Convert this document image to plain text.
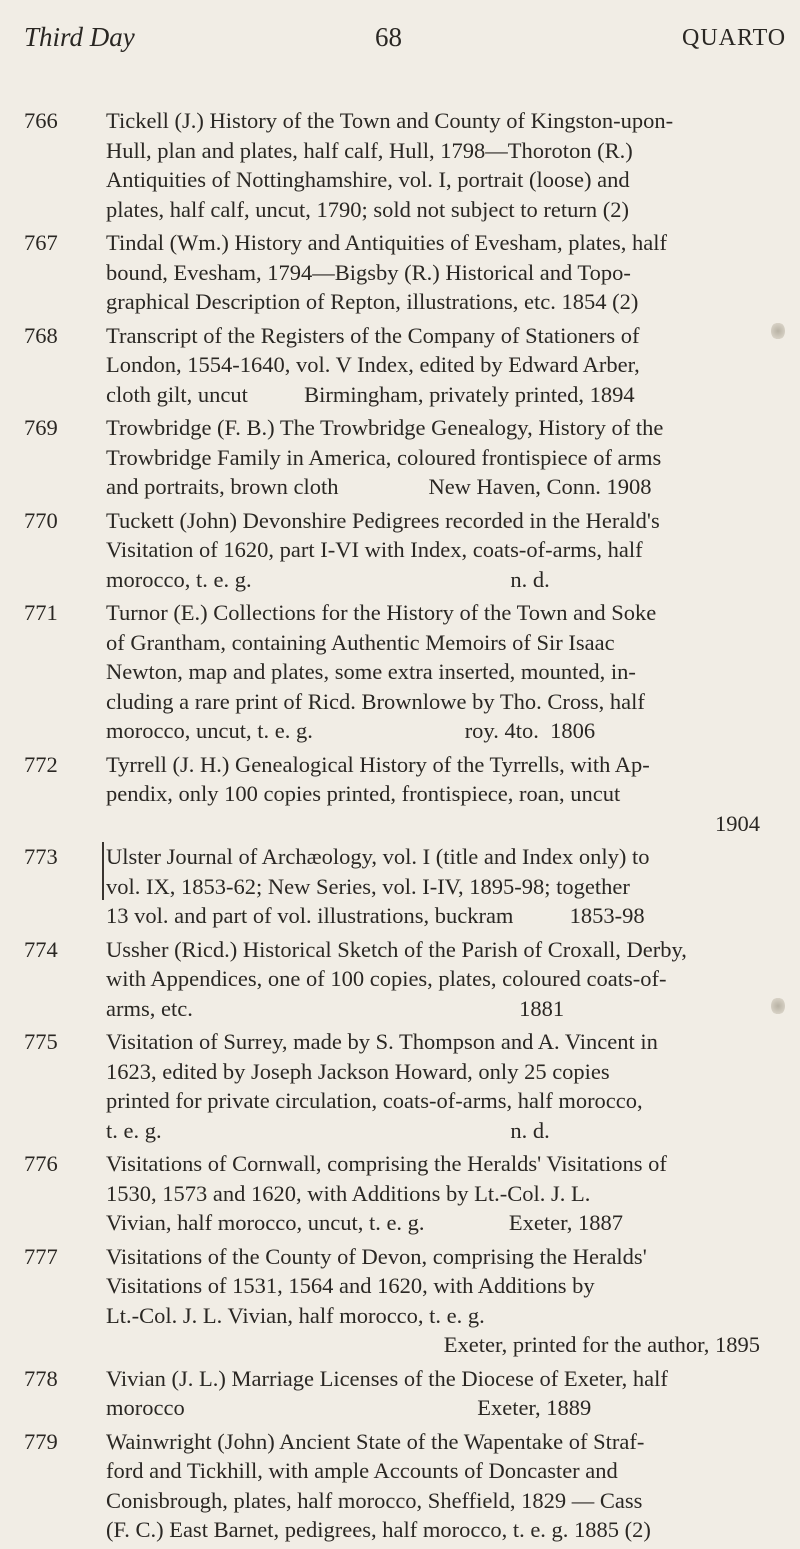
Third Day	68	QUARTO
766	Tickell (J.) History of the Town and County of Kingston-upon-
Hull, plan and plates, half calf, Hull, 1798—Thoroton (R.)
Antiquities of Nottinghamshire, vol. I, portrait (loose) and
plates, half calf, uncut, 1790; sold not subject to return (2)
767	Tindal (Wm.) History and Antiquities of Evesham, plates, half
bound, Evesham, 1794—Bigsby (R.) Historical and Topo-
graphical Description of Repton, illustrations, etc. 1854 (2)
768	Transcript of the Registers of the Company of Stationers of
London, 1554-1640, vol. V Index, edited by Edward Arber,
cloth gilt, uncut          Birmingham, privately printed, 1894
769	Trowbridge (F. B.) The Trowbridge Genealogy, History of the
Trowbridge Family in America, coloured frontispiece of arms
and portraits, brown cloth                New Haven, Conn. 1908
770	Tuckett (John) Devonshire Pedigrees recorded in the Herald's
Visitation of 1620, part I-VI with Index, coats-of-arms, half
morocco, t. e. g.                                              n. d.
771	Turnor (E.) Collections for the History of the Town and Soke
of Grantham, containing Authentic Memoirs of Sir Isaac
Newton, map and plates, some extra inserted, mounted, in-
cluding a rare print of Ricd. Brownlowe by Tho. Cross, half
morocco, uncut, t. e. g.                           roy. 4to.  1806
772	Tyrrell (J. H.) Genealogical History of the Tyrrells, with Ap-
pendix, only 100 copies printed, frontispiece, roan, uncut
1904
773	Ulster Journal of Archæology, vol. I (title and Index only) to
vol. IX, 1853-62; New Series, vol. I-IV, 1895-98; together
13 vol. and part of vol. illustrations, buckram          1853-98
774	Ussher (Ricd.) Historical Sketch of the Parish of Croxall, Derby,
with Appendices, one of 100 copies, plates, coloured coats-of-
arms, etc.                                                          1881
775	Visitation of Surrey, made by S. Thompson and A. Vincent in
1623, edited by Joseph Jackson Howard, only 25 copies
printed for private circulation, coats-of-arms, half morocco,
t. e. g.                                                              n. d.
776	Visitations of Cornwall, comprising the Heralds' Visitations of
1530, 1573 and 1620, with Additions by Lt.-Col. J. L.
Vivian, half morocco, uncut, t. e. g.               Exeter, 1887
777	Visitations of the County of Devon, comprising the Heralds'
Visitations of 1531, 1564 and 1620, with Additions by
Lt.-Col. J. L. Vivian, half morocco, t. e. g.
Exeter, printed for the author, 1895
778	Vivian (J. L.) Marriage Licenses of the Diocese of Exeter, half
morocco                                                    Exeter, 1889
779	Wainwright (John) Ancient State of the Wapentake of Straf-
ford and Tickhill, with ample Accounts of Doncaster and
Conisbrough, plates, half morocco, Sheffield, 1829 — Cass
(F. C.) East Barnet, pedigrees, half morocco, t. e. g. 1885 (2)
